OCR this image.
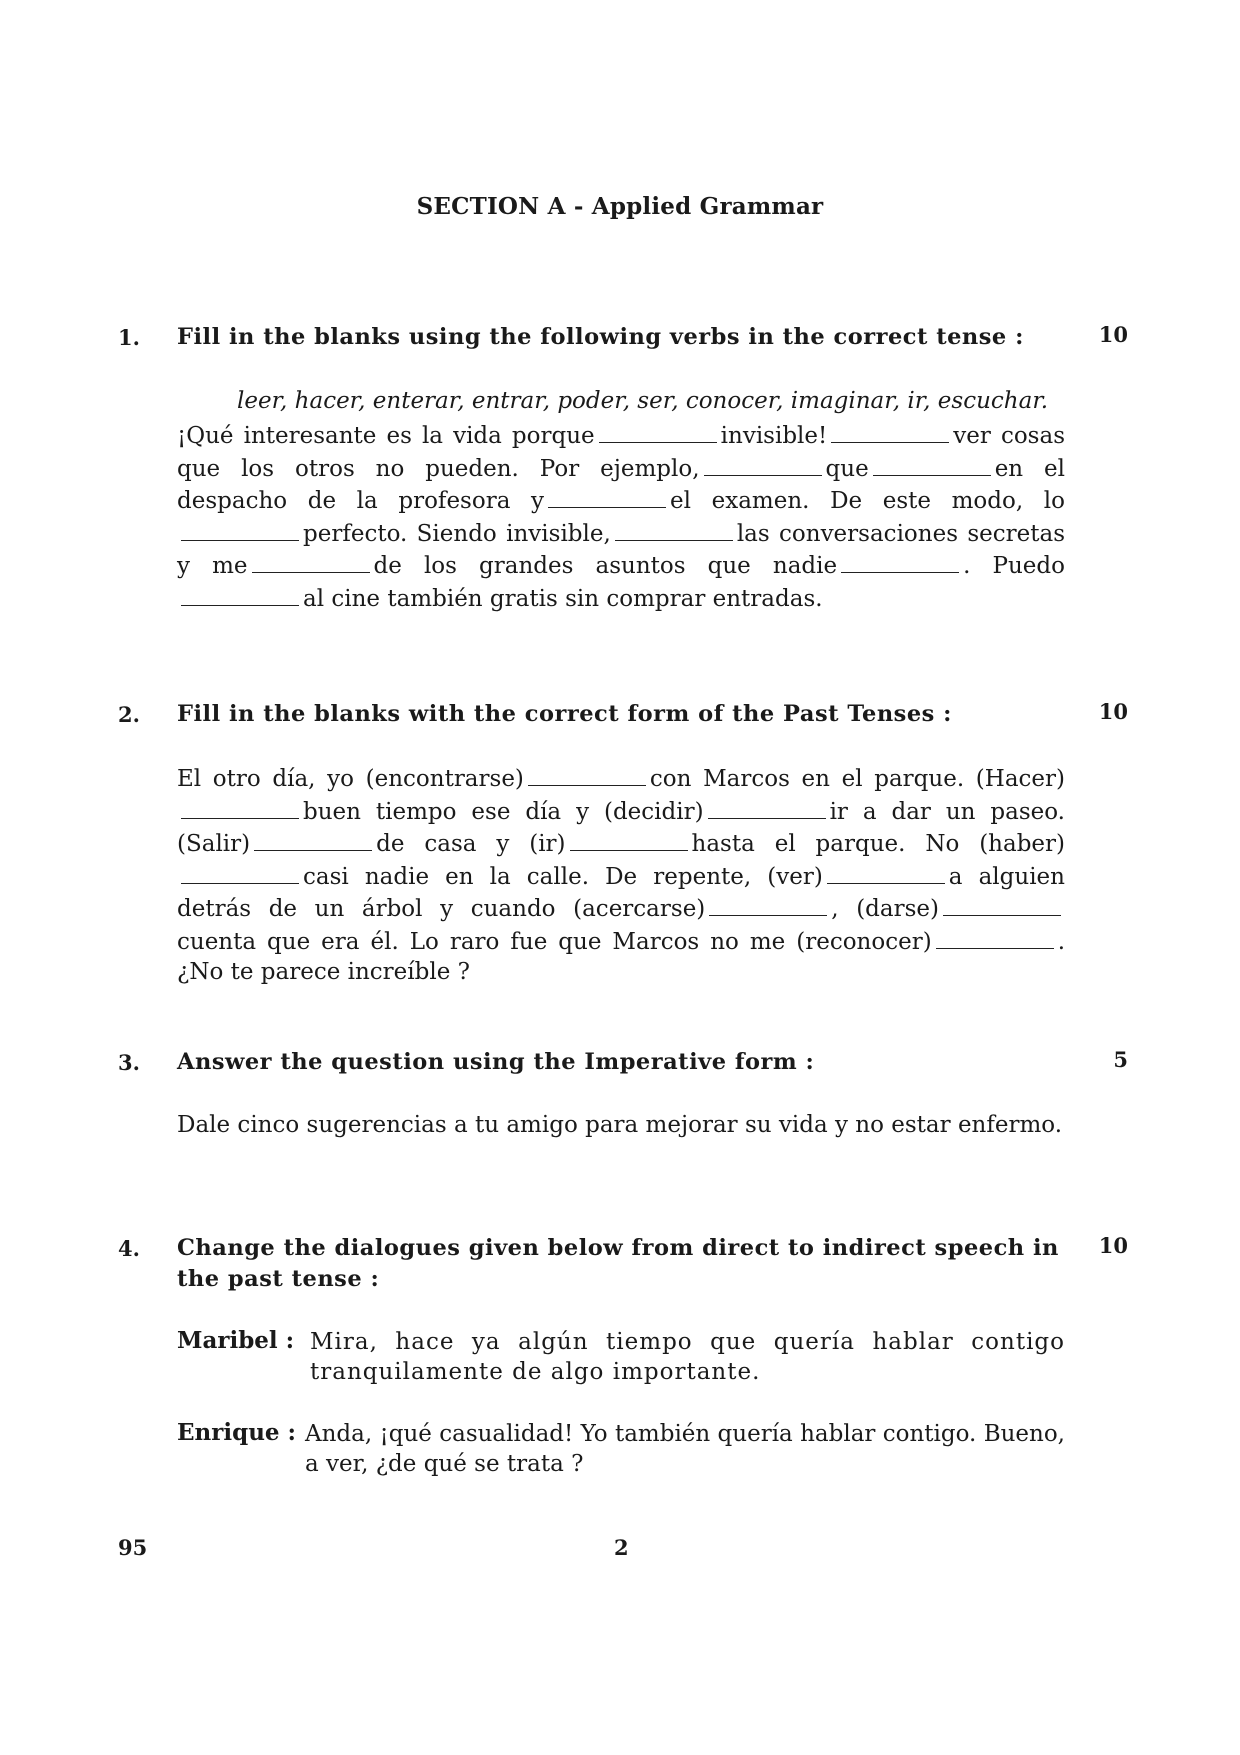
SECTION A - Applied Grammar
1. Fill in the blanks using the following verbs in the correct tense :	10
leer, hacer, enterar, entrar, poder, ser, conocer, imaginar, ir, escuchar.
¡Qué interesante es la vida porque	invisible!	ver cosas que los otros no pueden. Por ejemplo,	que	en el despacho de la profesora y	el examen. De este modo, loperfecto. Siendo invisible,	las conversaciones secretas y me	de los grandes asuntos que nadie	. Puedoal cine también gratis sin comprar entradas.
2. Fill in the blanks with the correct form of the Past Tenses :	10
El otro día, yo (encontrarse)	con Marcos en el parque. (Hacer)buen tiempo ese día y (decidir)	ir a dar un paseo. (Salir)	de casa y (ir)	hasta el parque. No (haber)casi nadie en la calle. De repente, (ver)	a alguien detrás de un árbol y cuando (acercarse)	, (darse)cuenta que era él. Lo raro fue que Marcos no me (reconocer)	. ¿No te parece increíble ?
3. Answer the question using the Imperative form :	5
Dale cinco sugerencias a tu amigo para mejorar su vida y no estar enfermo.
4. Change the dialogues given below from direct to indirect speech in the past tense :
10
Maribel : Mira, hace ya algún tiempo que quería hablar contigo tranquilamente de algo importante.
Enrique : Anda, ¡qué casualidad! Yo también quería hablar contigo. Bueno, a ver, ¿de qué se trata ?
95	2
